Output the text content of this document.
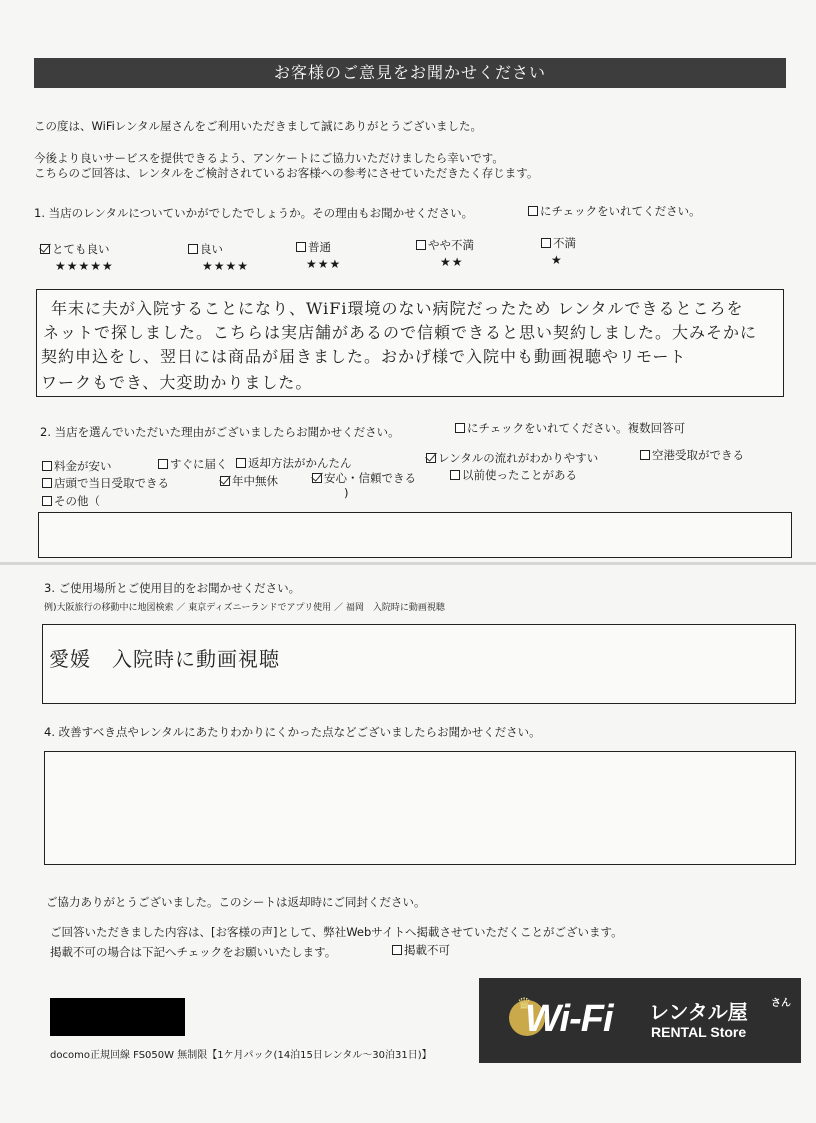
お客様のご意見をお聞かせください
この度は、WiFiレンタル屋さんをご利用いただきまして誠にありがとうございました。
今後より良いサービスを提供できるよう、アンケートにご協力いただけましたら幸いです。
こちらのご回答は、レンタルをご検討されているお客様への参考にさせていただきたく存じます。
1. 当店のレンタルについていかがでしたでしょうか。その理由もお聞かせください。	にチェックをいれてください。
とても良い
★★★★★
良い
★★★★
普通
★★★
やや不満
★★
不満
★
年末に夫が入院することになり、WiFi環境のない病院だったため レンタルできるところを
ネットで探しました。こちらは実店舗があるので信頼できると思い契約しました。大みそかに
契約申込をし、翌日には商品が届きました。おかげ様で入院中も動画視聴やリモート
ワークもでき、大変助かりました。
2. 当店を選んでいただいた理由がございましたらお聞かせください。	にチェックをいれてください。複数回答可
料金が安い	すぐに届く	返却方法がかんたん	レンタルの流れがわかりやすい	空港受取ができる
店頭で当日受取できる	年中無休	安心・信頼できる	以前使ったことがある
その他（
)
3. ご使用場所とご使用目的をお聞かせください。
例)大阪旅行の移動中に地図検索 ／ 東京ディズニーランドでアプリ使用 ／ 福岡　入院時に動画視聴
愛媛　入院時に動画視聴
4. 改善すべき点やレンタルにあたりわかりにくかった点などございましたらお聞かせください。
ご協力ありがとうございました。このシートは返却時にご同封ください。
ご回答いただきました内容は、[お客様の声]として、弊社Webサイトへ掲載させていただくことがございます。
掲載不可の場合は下記へチェックをお願いいたします。	掲載不可
docomo正規回線 FS050W 無制限【1ケ月パック(14泊15日レンタル～30泊31日)】
♛
Wi-Fi レンタル屋 さん
RENTAL Store
